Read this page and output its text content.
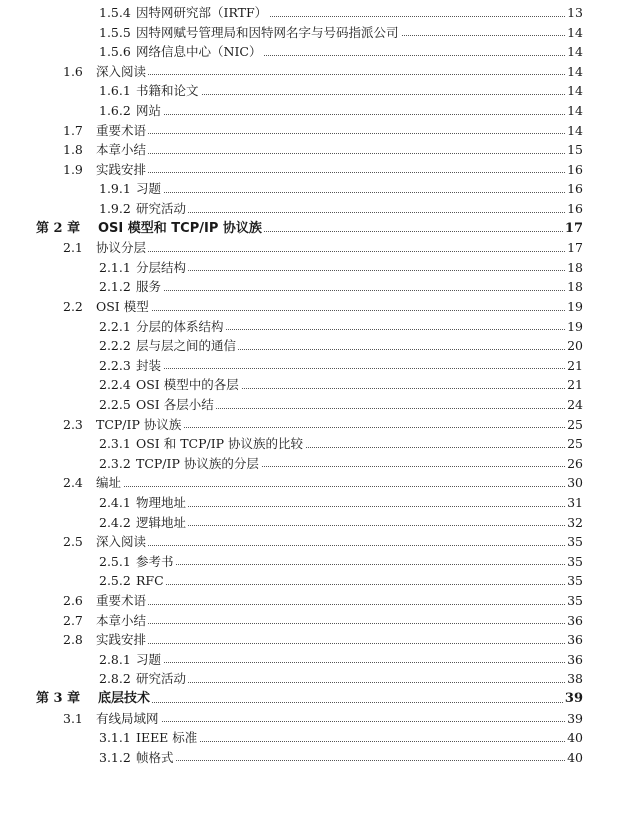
1.5.4 因特网研究部（IRTF）	13
1.5.5 因特网赋号管理局和因特网名字与号码指派公司	14
1.5.6 网络信息中心（NIC）	14
1.6 深入阅读	14
1.6.1 书籍和论文	14
1.6.2 网站	14
1.7 重要术语	14
1.8 本章小结	15
1.9 实践安排	16
1.9.1 习题	16
1.9.2 研究活动	16
第 2 章 OSI 模型和 TCP/IP 协议族	17
2.1 协议分层	17
2.1.1 分层结构	18
2.1.2 服务	18
2.2 OSI 模型	19
2.2.1 分层的体系结构	19
2.2.2 层与层之间的通信	20
2.2.3 封装	21
2.2.4 OSI 模型中的各层	21
2.2.5 OSI 各层小结	24
2.3 TCP/IP 协议族	25
2.3.1 OSI 和 TCP/IP 协议族的比较	25
2.3.2 TCP/IP 协议族的分层	26
2.4 编址	30
2.4.1 物理地址	31
2.4.2 逻辑地址	32
2.5 深入阅读	35
2.5.1 参考书	35
2.5.2 RFC	35
2.6 重要术语	35
2.7 本章小结	36
2.8 实践安排	36
2.8.1 习题	36
2.8.2 研究活动	38
第 3 章 底层技术	39
3.1 有线局域网	39
3.1.1 IEEE 标准	40
3.1.2 帧格式	40
